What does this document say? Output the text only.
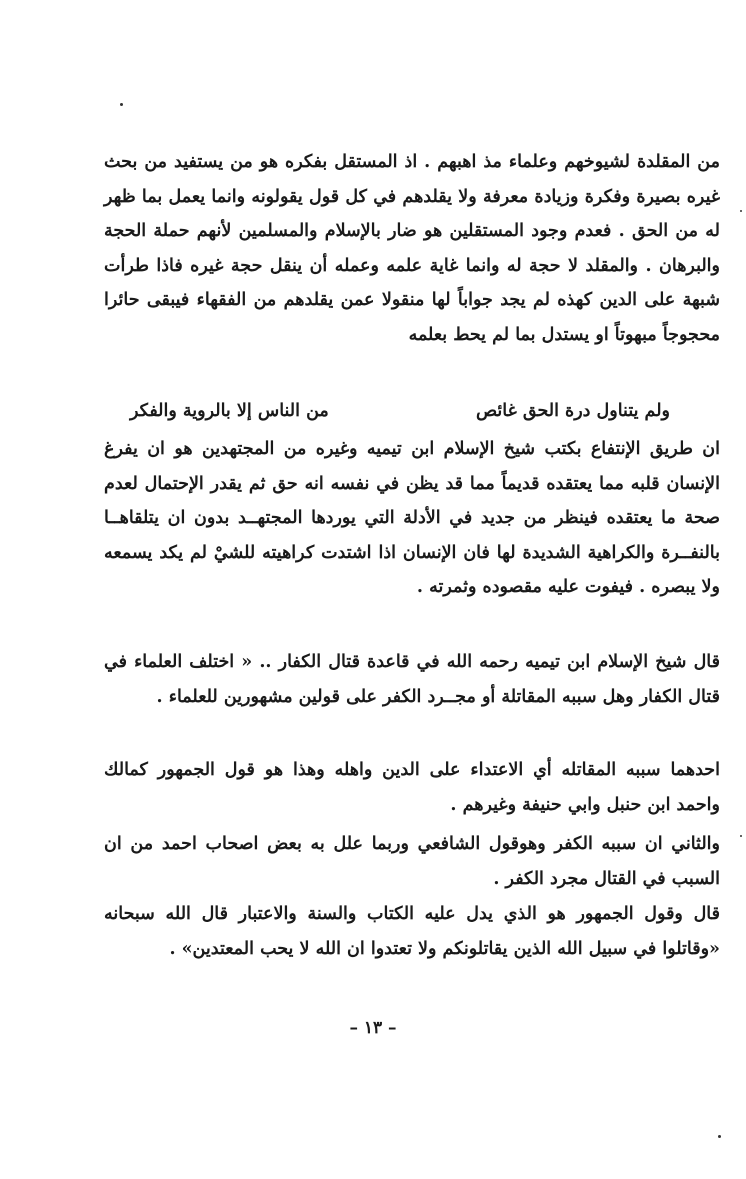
من المقلدة لشيوخهم وعلماء مذ اهبهم . اذ المستقل بفكره هو من يستفيد من بحث غيره بصيرة وفكرة وزيادة معرفة ولا يقلدهم في كل قول يقولونه وانما يعمل بما ظهر له من الحق . فعدم وجود المستقلين هو ضار بالإسلام والمسلمين لأنهم حملة الحجة والبرهان . والمقلد لا حجة له وانما غاية علمه وعمله أن ينقل حجة غيره فاذا طرأت شبهة على الدين كهذه لم يجد جواباً لها منقولا عمن يقلدهم من الفقهاء فيبقى حائرا محجوجاً مبهوتاً او يستدل بما لم يحط بعلمه

ولم يتناول درة الحق غائص
من الناس إلا بالروية والفكر

ان طريق الإنتفاع بكتب شيخ الإسلام ابن تيميه وغيره من المجتهدين هو ان يفرغ الإنسان قلبه مما يعتقده قديماً مما قد يظن في نفسه انه حق ثم يقدر الإحتمال لعدم صحة ما يعتقده فينظر من جديد في الأدلة التي يوردها المجتهــد بدون ان يتلقاهــا بالنفــرة والكراهية الشديدة لها فان الإنسان اذا اشتدت كراهيته للشيْ لم يكد يسمعه ولا يبصره . فيفوت عليه مقصوده وثمرته .

قال شيخ الإسلام ابن تيميه رحمه الله في قاعدة قتال الكفار .. « اختلف العلماء في قتال الكفار وهل سببه المقاتلة أو مجــرد الكفر على قولين مشهورين للعلماء .

احدهما سببه المقاتله أي الاعتداء على الدين واهله وهذا هو قول الجمهور كمالك واحمد ابن حنبل وابي حنيفة وغيرهم .

والثاني ان سببه الكفر وهوقول الشافعي وربما علل به بعض اصحاب احمد من ان السبب في القتال مجرد الكفر .

قال وقول الجمهور هو الذي يدل عليه الكتاب والسنة والاعتبار قال الله سبحانه «وقاتلوا في سبيل الله الذين يقاتلونكم ولا تعتدوا ان الله لا يحب المعتدين» .

– ١٣ –
